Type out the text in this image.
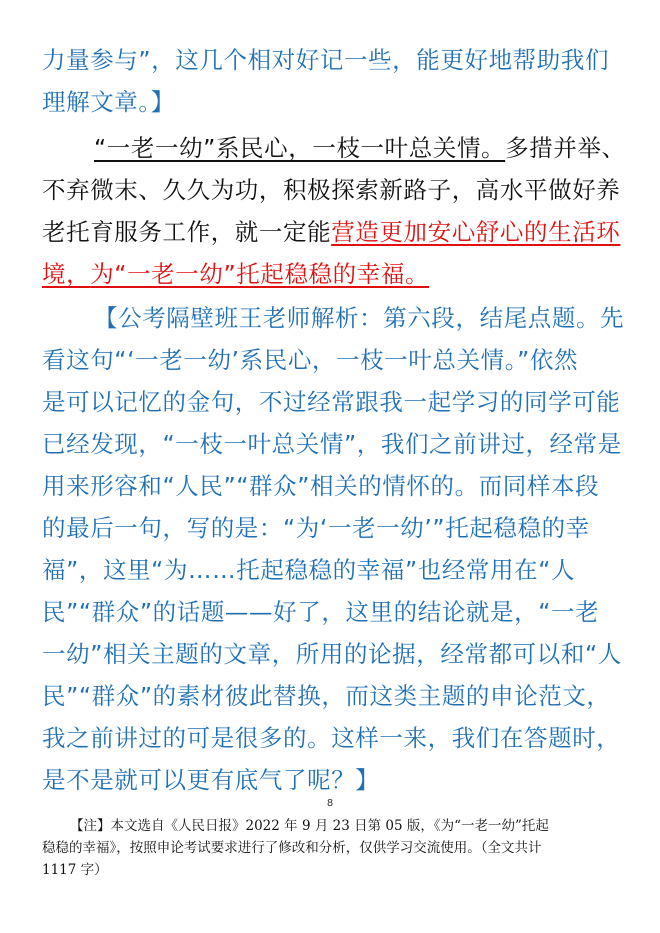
力量参与”，这几个相对好记一些，能更好地帮助我们
理解文章。】
“一老一幼”系民心，一枝一叶总关情。多措并举、
不弃微末、久久为功，积极探索新路子，高水平做好养
老托育服务工作，就一定能营造更加安心舒心的生活环
境，为“一老一幼”托起稳稳的幸福。
【公考隔壁班王老师解析：第六段，结尾点题。先
看这句“‘一老一幼’系民心，一枝一叶总关情。”依然
是可以记忆的金句，不过经常跟我一起学习的同学可能
已经发现，“一枝一叶总关情”，我们之前讲过，经常是
用来形容和“人民”“群众”相关的情怀的。而同样本段
的最后一句，写的是：“为‘一老一幼’”托起稳稳的幸
福”，这里“为……托起稳稳的幸福”也经常用在“人
民”“群众”的话题——好了，这里的结论就是，“一老
一幼”相关主题的文章，所用的论据，经常都可以和“人
民”“群众”的素材彼此替换，而这类主题的申论范文，
我之前讲过的可是很多的。这样一来，我们在答题时，
是不是就可以更有底气了呢？】
8
【注】本文选自《人民日报》2022 年 9 月 23 日第 05 版，《为“一老一幼”托起
稳稳的幸福》，按照申论考试要求进行了修改和分析，仅供学习交流使用。（全文共计
1117 字）
